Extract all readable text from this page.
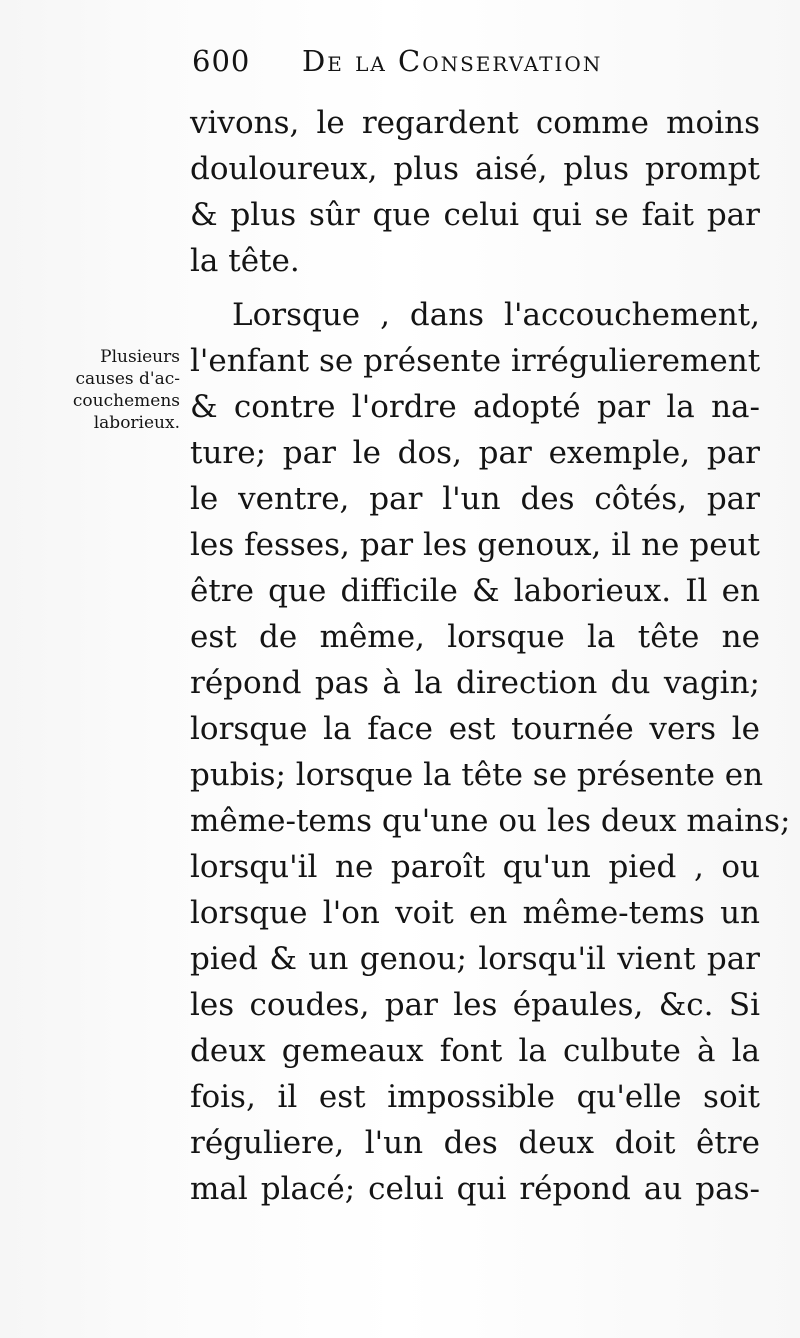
600 De la Conservation
Plusieurs
causes d'ac-
couchemens
laborieux.
vivons, le regardent comme moins
douloureux, plus aisé, plus prompt
& plus sûr que celui qui se fait par
la tête.
Lorsque , dans l'accouchement,
l'enfant se présente irrégulierement
& contre l'ordre adopté par la na-
ture; par le dos, par exemple, par
le ventre, par l'un des côtés, par
les fesses, par les genoux, il ne peut
être que difficile & laborieux. Il en
est de même, lorsque la tête ne
répond pas à la direction du vagin;
lorsque la face est tournée vers le
pubis; lorsque la tête se présente en
même-tems qu'une ou les deux mains;
lorsqu'il ne paroît qu'un pied , ou
lorsque l'on voit en même-tems un
pied & un genou; lorsqu'il vient par
les coudes, par les épaules, &c. Si
deux gemeaux font la culbute à la
fois, il est impossible qu'elle soit
réguliere, l'un des deux doit être
mal placé; celui qui répond au pas-
